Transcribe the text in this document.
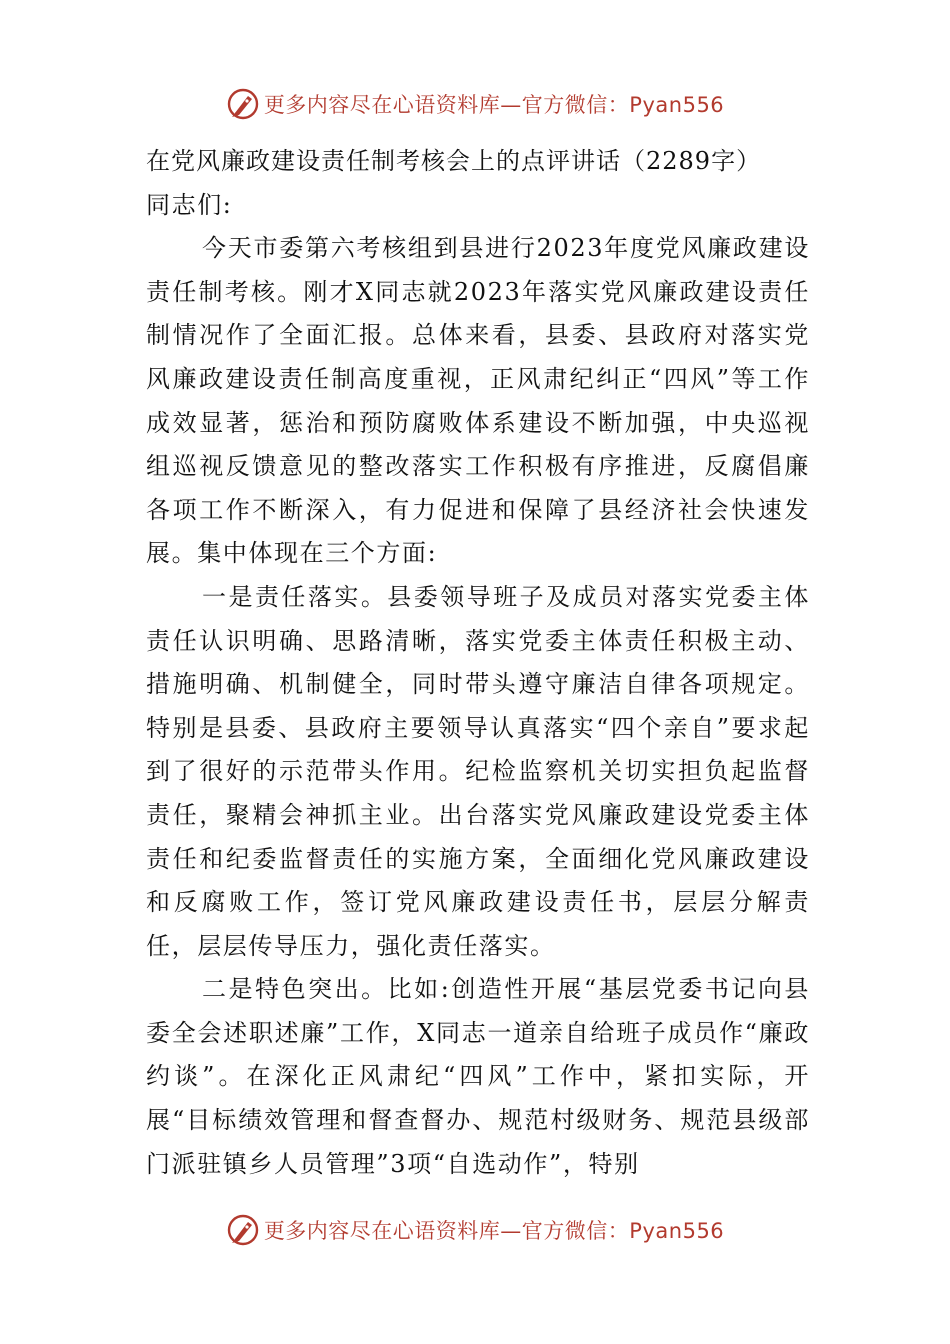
更多内容尽在心语资料库—官方微信：Pyan556

在党风廉政建设责任制考核会上的点评讲话（2289字）

同志们:

今天市委第六考核组到县进行2023年度党风廉政建设责任制考核。刚才X同志就2023年落实党风廉政建设责任制情况作了全面汇报。总体来看，县委、县政府对落实党风廉政建设责任制高度重视，正风肃纪纠正“四风”等工作成效显著，惩治和预防腐败体系建设不断加强，中央巡视组巡视反馈意见的整改落实工作积极有序推进，反腐倡廉各项工作不断深入，有力促进和保障了县经济社会快速发展。集中体现在三个方面:

一是责任落实。县委领导班子及成员对落实党委主体责任认识明确、思路清晰，落实党委主体责任积极主动、措施明确、机制健全，同时带头遵守廉洁自律各项规定。特别是县委、县政府主要领导认真落实“四个亲自”要求起到了很好的示范带头作用。纪检监察机关切实担负起监督责任，聚精会神抓主业。出台落实党风廉政建设党委主体责任和纪委监督责任的实施方案，全面细化党风廉政建设和反腐败工作，签订党风廉政建设责任书，层层分解责任，层层传导压力，强化责任落实。

二是特色突出。比如:创造性开展“基层党委书记向县委全会述职述廉”工作，X同志一道亲自给班子成员作“廉政约谈”。在深化正风肃纪“四风”工作中，紧扣实际，开展“目标绩效管理和督查督办、规范村级财务、规范县级部门派驻镇乡人员管理”3项“自选动作”，特别

更多内容尽在心语资料库—官方微信：Pyan556
